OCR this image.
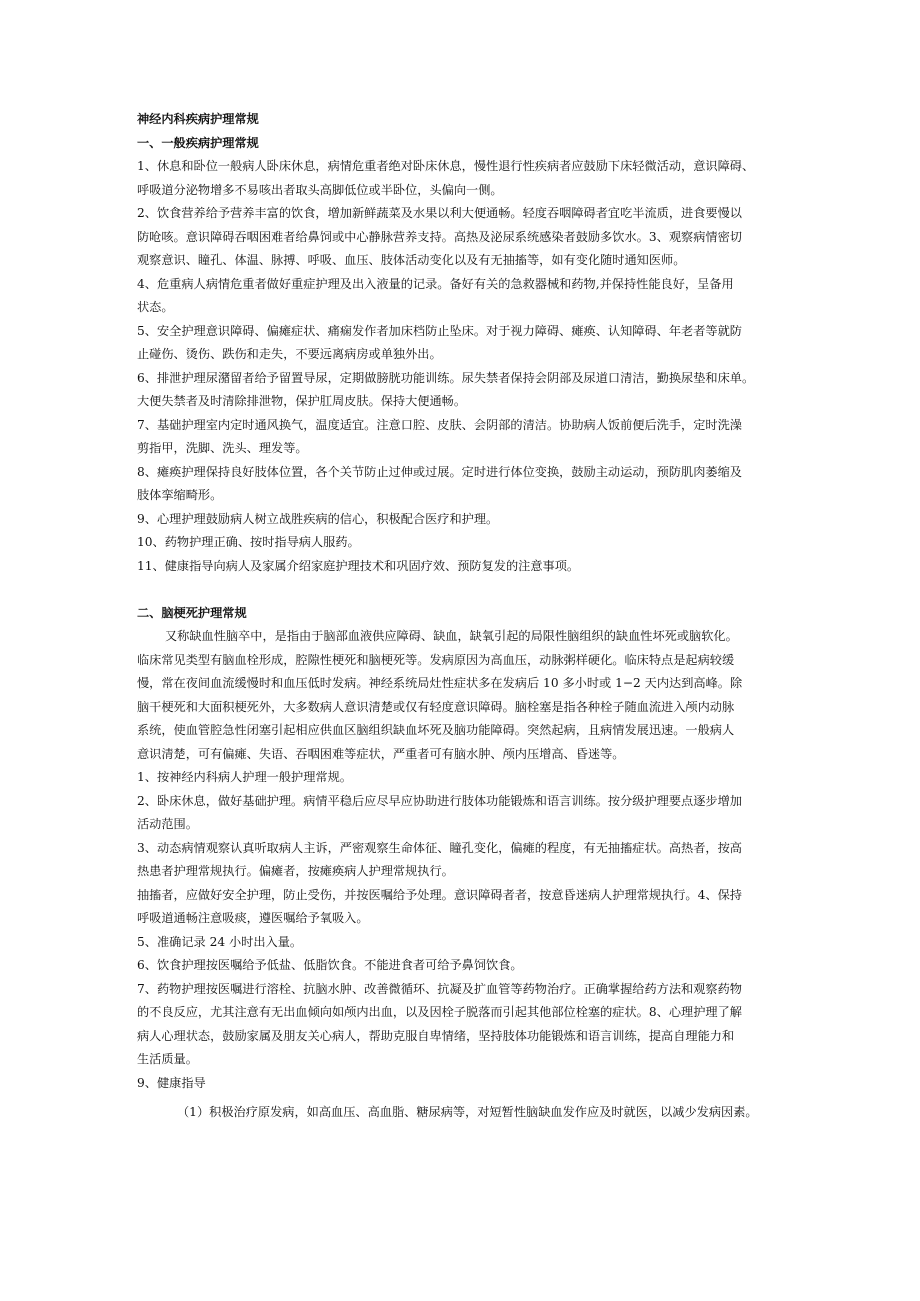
神经内科疾病护理常规
一、一般疾病护理常规
1、休息和卧位一般病人卧床休息，病情危重者绝对卧床休息，慢性退行性疾病者应鼓励下床轻微活动，意识障碍、
呼吸道分泌物增多不易咳出者取头高脚低位或半卧位，头偏向一侧。
2、饮食营养给予营养丰富的饮食，增加新鲜蔬菜及水果以利大便通畅。轻度吞咽障碍者宜吃半流质，进食要慢以
防呛咳。意识障碍吞咽困难者给鼻饲或中心静脉营养支持。高热及泌尿系统感染者鼓励多饮水。3、观察病情密切
观察意识、瞳孔、体温、脉搏、呼吸、血压、肢体活动变化以及有无抽搐等，如有变化随时通知医师。
4、危重病人病情危重者做好重症护理及出入液量的记录。备好有关的急救器械和药物,并保持性能良好，呈备用
状态。
5、安全护理意识障碍、偏瘫症状、痛痫发作者加床档防止坠床。对于视力障碍、瘫痪、认知障碍、年老者等就防
止碰伤、烫伤、跌伤和走失，不要远离病房或单独外出。
6、排泄护理尿潴留者给予留置导尿，定期做膀胱功能训练。尿失禁者保持会阴部及尿道口清洁，勤换尿垫和床单。
大便失禁者及时清除排泄物，保护肛周皮肤。保持大便通畅。
7、基础护理室内定时通风换气，温度适宜。注意口腔、皮肤、会阴部的清洁。协助病人饭前便后洗手，定时洗澡
剪指甲，洗脚、洗头、理发等。
8、瘫痪护理保持良好肢体位置，各个关节防止过伸或过展。定时进行体位变换，鼓励主动运动，预防肌肉萎缩及
肢体挛缩畸形。
9、心理护理鼓励病人树立战胜疾病的信心，积极配合医疗和护理。
10、药物护理正确、按时指导病人服药。
11、健康指导向病人及家属介绍家庭护理技术和巩固疗效、预防复发的注意事项。
二、脑梗死护理常规
又称缺血性脑卒中，是指由于脑部血液供应障碍、缺血，缺氧引起的局限性脑组织的缺血性坏死或脑软化。
临床常见类型有脑血栓形成，腔隙性梗死和脑梗死等。发病原因为高血压，动脉粥样硬化。临床特点是起病较缓
慢，常在夜间血流缓慢时和血压低时发病。神经系统局灶性症状多在发病后 10 多小时或 1−2 天内达到高峰。除
脑干梗死和大面积梗死外，大多数病人意识清楚或仅有轻度意识障碍。脑栓塞是指各种栓子随血流进入颅内动脉
系统，使血管腔急性闭塞引起相应供血区脑组织缺血坏死及脑功能障碍。突然起病，且病情发展迅速。一般病人
意识清楚，可有偏瘫、失语、吞咽困难等症状，严重者可有脑水肿、颅内压增高、昏迷等。
1、按神经内科病人护理一般护理常规。
2、卧床休息，做好基础护理。病情平稳后应尽早应协助进行肢体功能锻炼和语言训练。按分级护理要点逐步增加
活动范围。
3、动态病情观察认真听取病人主诉，严密观察生命体征、瞳孔变化，偏瘫的程度，有无抽搐症状。高热者，按高
热患者护理常规执行。偏瘫者，按瘫痪病人护理常规执行。
抽搐者，应做好安全护理，防止受伤，并按医嘱给予处理。意识障碍者者，按意昏迷病人护理常规执行。4、保持
呼吸道通畅注意吸痰，遵医嘱给予氧吸入。
5、准确记录 24 小时出入量。
6、饮食护理按医嘱给予低盐、低脂饮食。不能进食者可给予鼻饲饮食。
7、药物护理按医嘱进行溶栓、抗脑水肿、改善微循环、抗凝及扩血管等药物治疗。正确掌握给药方法和观察药物
的不良反应，尤其注意有无出血倾向如颅内出血，以及因栓子脱落而引起其他部位栓塞的症状。8、心理护理了解
病人心理状态，鼓励家属及朋友关心病人，帮助克服自卑情绪，坚持肢体功能锻炼和语言训练，提高自理能力和
生活质量。
9、健康指导
（1）积极治疗原发病，如高血压、高血脂、糖尿病等，对短暂性脑缺血发作应及时就医，以减少发病因素。
